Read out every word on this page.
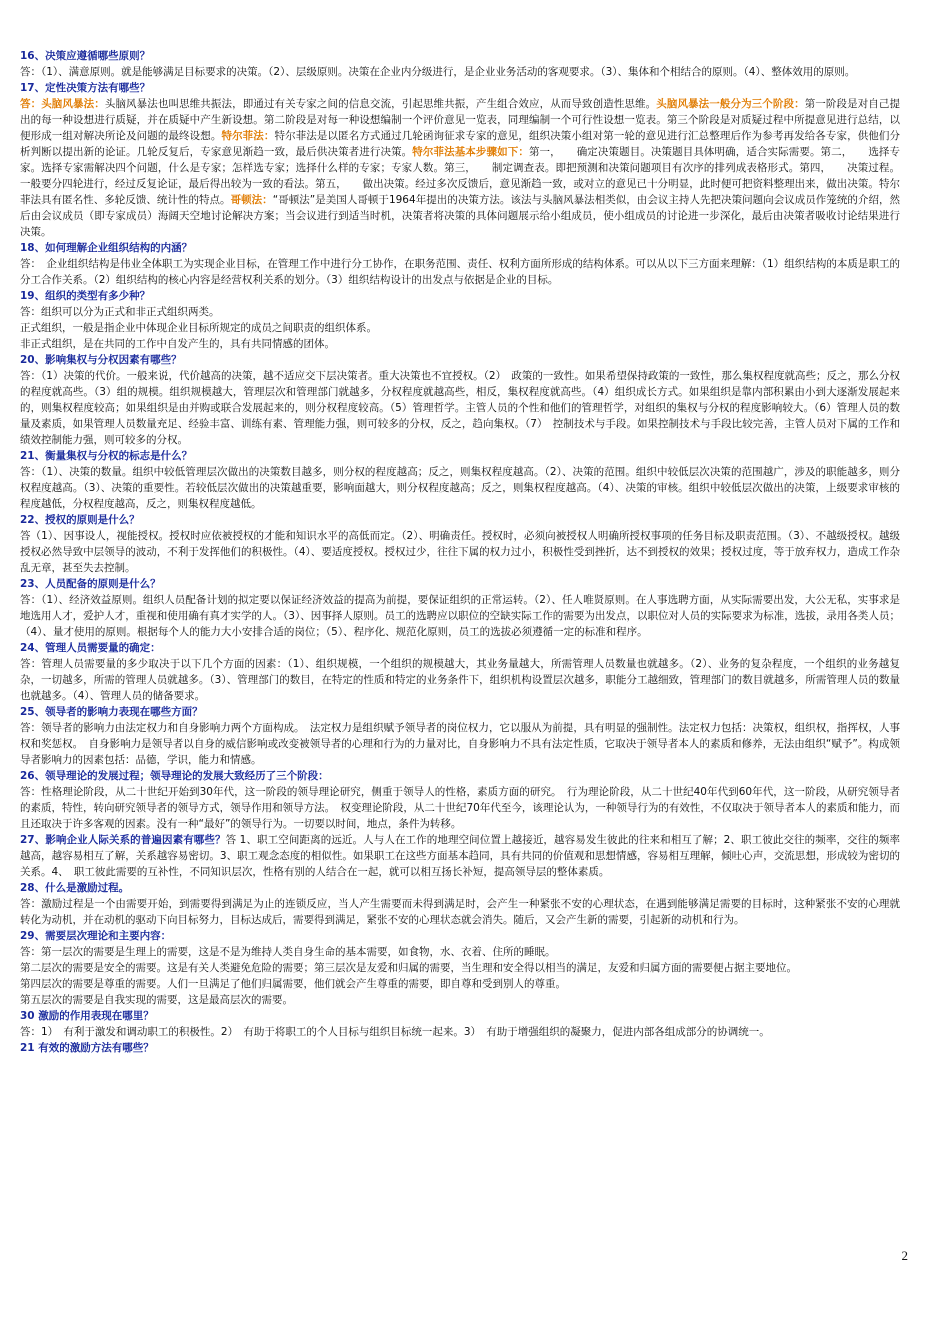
16、决策应遵循哪些原则？

答：（1）、满意原则。就是能够满足目标要求的决策。（2）、层级原则。决策在企业内分级进行，是企业业务活动的客观要求。（3）、集体和个相结合的原则。（4）、整体效用的原则。

17、定性决策方法有哪些？

答：头脑风暴法：头脑风暴法也叫思维共振法，即通过有关专家之间的信息交流，引起思维共振，产生组合效应，从而导致创造性思维。头脑风暴法一般分为三个阶段：第一阶段是对自己提出的每一种设想进行质疑，并在质疑中产生新设想。第二阶段是对每一种设想编制一个评价意见一览表，同理编制一个可行性设想一览表。第三个阶段是对质疑过程中所提意见进行总结，以便形成一组对解决所论及问题的最终设想。特尔菲法：特尔菲法是以匿名方式通过几轮函询征求专家的意见，组织决策小组对第一轮的意见进行汇总整理后作为参考再发给各专家，供他们分析判断以提出新的论证。几轮反复后，专家意见渐趋一致，最后供决策者进行决策。特尔菲法基本步骤如下：第一，　　确定决策题目。决策题目具体明确，适合实际需要。第二，　　选择专家。选择专家需解决四个问题，什么是专家；怎样选专家；选择什么样的专家；专家人数。第三，　　制定调查表。即把预测和决策问题项目有次序的排列成表格形式。第四，　　决策过程。一般要分四轮进行，经过反复论证，最后得出较为一致的看法。第五，　　做出决策。经过多次反馈后，意见渐趋一致，或对立的意见已十分明显，此时便可把资料整理出来，做出决策。特尔菲法具有匿名性、多轮反馈、统计性的特点。哥顿法：“哥顿法”是美国人哥顿于1964年提出的决策方法。该法与头脑风暴法相类似，由会议主持人先把决策问题向会议成员作笼统的介绍，然后由会议成员（即专家成员）海阔天空地讨论解决方案；当会议进行到适当时机，决策者将决策的具体问题展示给小组成员，使小组成员的讨论进一步深化，最后由决策者吸收讨论结果进行决策。

18、如何理解企业组织结构的内涵？

答：　企业组织结构是伟业全体职工为实现企业目标，在管理工作中进行分工协作，在职务范围、责任、权利方面所形成的结构体系。可以从以下三方面来理解：（1）组织结构的本质是职工的分工合作关系。（2）组织结构的核心内容是经营权利关系的划分。（3）组织结构设计的出发点与依据是企业的目标。

19、组织的类型有多少种？

答：组织可以分为正式和非正式组织两类。

正式组织，一般是指企业中体现企业目标所规定的成员之间职责的组织体系。

非正式组织，是在共同的工作中自发产生的，具有共同情感的团体。

20、影响集权与分权因素有哪些？

答：（1）决策的代价。一般来说，代价越高的决策，越不适应交下层决策者。重大决策也不宜授权。（2）　政策的一致性。如果希望保持政策的一致性，那么集权程度就高些；反之，那么分权的程度就高些。（3）组的规模。组织规模越大，管理层次和管理部门就越多，分权程度就越高些，相反，集权程度就高些。（4）组织成长方式。如果组织是靠内部积累由小到大逐渐发展起来的，则集权程度较高；如果组织是由并购或联合发展起来的，则分权程度较高。（5）管理哲学。主管人员的个性和他们的管理哲学，对组织的集权与分权的程度影响较大。（6）管理人员的数量及素质，如果管理人员数量充足、经验丰富、训练有素、管理能力强，则可较多的分权，反之，趋向集权。（7）　控制技术与手段。如果控制技术与手段比较完善，主管人员对下属的工作和绩效控制能力强，则可较多的分权。

21、衡量集权与分权的标志是什么？

答：（1）、决策的数量。组织中较低管理层次做出的决策数目越多，则分权的程度越高；反之，则集权程度越高。（2）、决策的范围。组织中较低层次决策的范围越广，涉及的职能越多，则分权程度越高。（3）、决策的重要性。若较低层次做出的决策越重要，影响面越大，则分权程度越高；反之，则集权程度越高。（4）、决策的审核。组织中较低层次做出的决策，上级要求审核的程度越低，分权程度越高，反之，则集权程度越低。

22、授权的原则是什么？

答（1）、因事设人，视能授权。授权时应依被授权的才能和知识水平的高低而定。（2）、明确责任。授权时，必须向被授权人明确所授权事项的任务目标及职责范围。（3）、不越级授权。越级授权必然导致中层领导的波动，不利于发挥他们的积极性。（4）、要适度授权。授权过少，往往下属的权力过小，积极性受到挫折，达不到授权的效果；授权过度，等于放弃权力，造成工作杂乱无章，甚至失去控制。

23、人员配备的原则是什么？

答：（1）、经济效益原则。组织人员配备计划的拟定要以保证经济效益的提高为前提，要保证组织的正常运转。（2）、任人唯贤原则。在人事选聘方面，从实际需要出发，大公无私，实事求是地选用人才，爱护人才，重视和使用确有真才实学的人。（3）、因事择人原则。员工的选聘应以职位的空缺实际工作的需要为出发点，以职位对人员的实际要求为标准，选拔，录用各类人员；（4）、量才使用的原则。根据每个人的能力大小安排合适的岗位；（5）、程序化、规范化原则，员工的选拔必须遵循一定的标准和程序。

24、管理人员需要量的确定：

答：管理人员需要量的多少取决于以下几个方面的因素：（1）、组织规模，一个组织的规模越大，其业务量越大，所需管理人员数量也就越多。（2）、业务的复杂程度，一个组织的业务越复杂，一切越多，所需的管理人员就越多。（3）、管理部门的数目，在特定的性质和特定的业务条件下，组织机构设置层次越多，职能分工越细致，管理部门的数目就越多，所需管理人员的数量也就越多。（4）、管理人员的储备要求。

25、领导者的影响力表现在哪些方面？

答：领导者的影响力由法定权力和自身影响力两个方面构成。　法定权力是组织赋予领导者的岗位权力，它以服从为前提，具有明显的强制性。法定权力包括：决策权，组织权，指挥权，人事权和奖惩权。　自身影响力是领导者以自身的威信影响或改变被领导者的心理和行为的力量对比，自身影响力不具有法定性质，它取决于领导者本人的素质和修养，无法由组织“赋予”。构成领导者影响力的因素包括：品德，学识，能力和情感。

26、领导理论的发展过程；领导理论的发展大致经历了三个阶段：

答：性格理论阶段，从二十世纪开始到30年代，这一阶段的领导理论研究，侧重于领导人的性格，素质方面的研究。　行为理论阶段，从二十世纪40年代到60年代，这一阶段，从研究领导者的素质，特性，转向研究领导者的领导方式，领导作用和领导方法。　权变理论阶段，从二十世纪70年代至今，该理论认为，一种领导行为的有效性，不仅取决于领导者本人的素质和能力，而且还取决于许多客观的因素。没有一种“最好”的领导行为。一切要以时间，地点，条件为转移。

27、影响企业人际关系的普遍因素有哪些？答 1、职工空间距离的远近。人与人在工作的地理空间位置上越接近，越容易发生彼此的往来和相互了解；2、职工彼此交往的频率，交往的频率越高，越容易相互了解，关系越容易密切。3、职工观念态度的相似性。如果职工在这些方面基本趋同，具有共同的价值观和思想情感，容易相互理解，倾吐心声，交流思想，形成较为密切的关系。4、　职工彼此需要的互补性，不同知识层次，性格有别的人结合在一起，就可以相互扬长补短，提高领导层的整体素质。

28、什么是激励过程。

答：激励过程是一个由需要开始，到需要得到满足为止的连锁反应，当人产生需要而未得到满足时，会产生一种紧张不安的心理状态，在遇到能够满足需要的目标时，这种紧张不安的心理就转化为动机，并在动机的驱动下向目标努力，目标达成后，需要得到满足，紧张不安的心理状态就会消失。随后，又会产生新的需要，引起新的动机和行为。

29、需要层次理论和主要内容：

答：第一层次的需要是生理上的需要，这是不是为维持人类自身生命的基本需要，如食物，水、衣着、住所的睡眠。

第二层次的需要是安全的需要。这是有关人类避免危险的需要；第三层次是友爱和归属的需要，当生理和安全得以相当的满足，友爱和归属方面的需要便占据主要地位。

第四层次的需要是尊重的需要。人们一旦满足了他们归属需要，他们就会产生尊重的需要，即自尊和受到别人的尊重。

第五层次的需要是自我实现的需要，这是最高层次的需要。

30 激励的作用表现在哪里？

答：1）　有利于激发和调动职工的积极性。2）　有助于将职工的个人目标与组织目标统一起来。3）　有助于增强组织的凝聚力，促进内部各组成部分的协调统一。

21 有效的激励方法有哪些？
2
